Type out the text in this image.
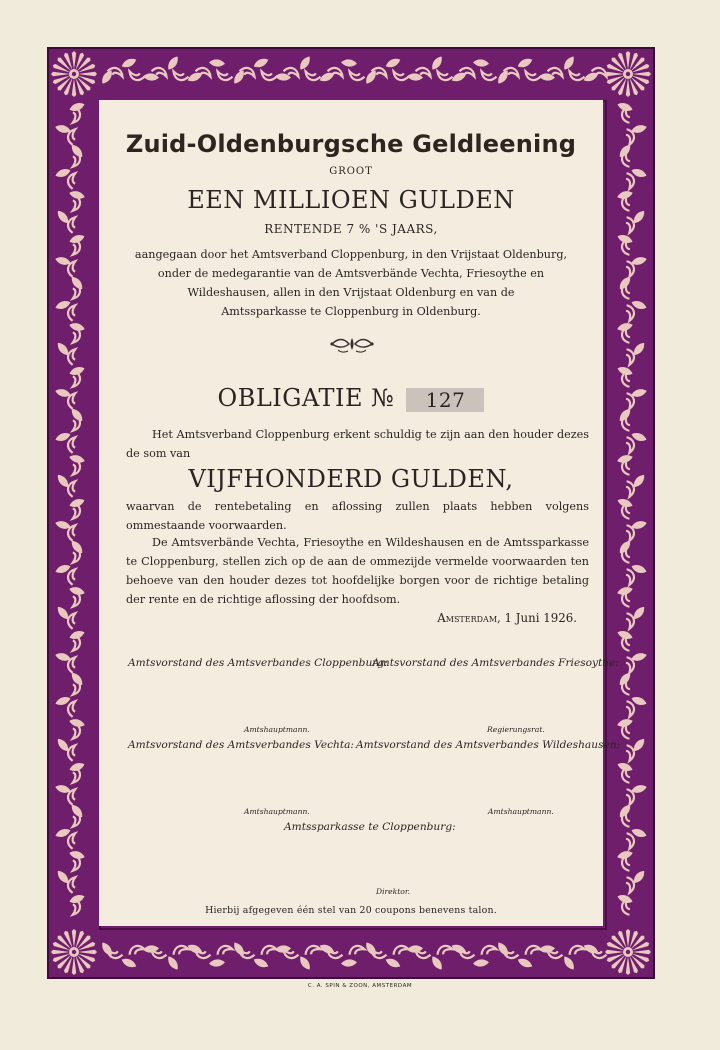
Zuid-Oldenburgsche Geldleening
GROOT
EEN MILLIOEN GULDEN
RENTENDE 7 % 'S JAARS,
aangegaan door het Amtsverband Cloppenburg, in den Vrijstaat Oldenburg,
onder de medegarantie van de Amtsverbände Vechta, Friesoythe en
Wildeshausen, allen in den Vrijstaat Oldenburg en van de
Amtssparkasse te Cloppenburg in Oldenburg.
OBLIGATIE № 127
Het Amtsverband Cloppenburg erkent schuldig te zijn aan den houder dezes de som van
VIJFHONDERD GULDEN,
waarvan de rentebetaling en aflossing zullen plaats hebben volgens ommestaande voorwaarden.
De Amtsverbände Vechta, Friesoythe en Wildeshausen en de Amtssparkasse te Cloppenburg, stellen zich op de aan de ommezijde vermelde voorwaarden ten behoeve van den houder dezes tot hoofdelijke borgen voor de richtige betaling der rente en de richtige aflossing der hoofdsom.
Amsterdam, 1 Juni 1926.
Amtsvorstand des Amtsverbandes Cloppenburg:
Amtsvorstand des Amtsverbandes Friesoythe:
Amtshauptmann.	Regierungsrat.
Amtsvorstand des Amtsverbandes Vechta: Amtsvorstand des Amtsverbandes Wildeshausen:
Amtshauptmann.	Amtshauptmann.
Amtssparkasse te Cloppenburg:
Direktor.
Hierbij afgegeven één stel van 20 coupons benevens talon.
C. A. SPIN & ZOON, AMSTERDAM
